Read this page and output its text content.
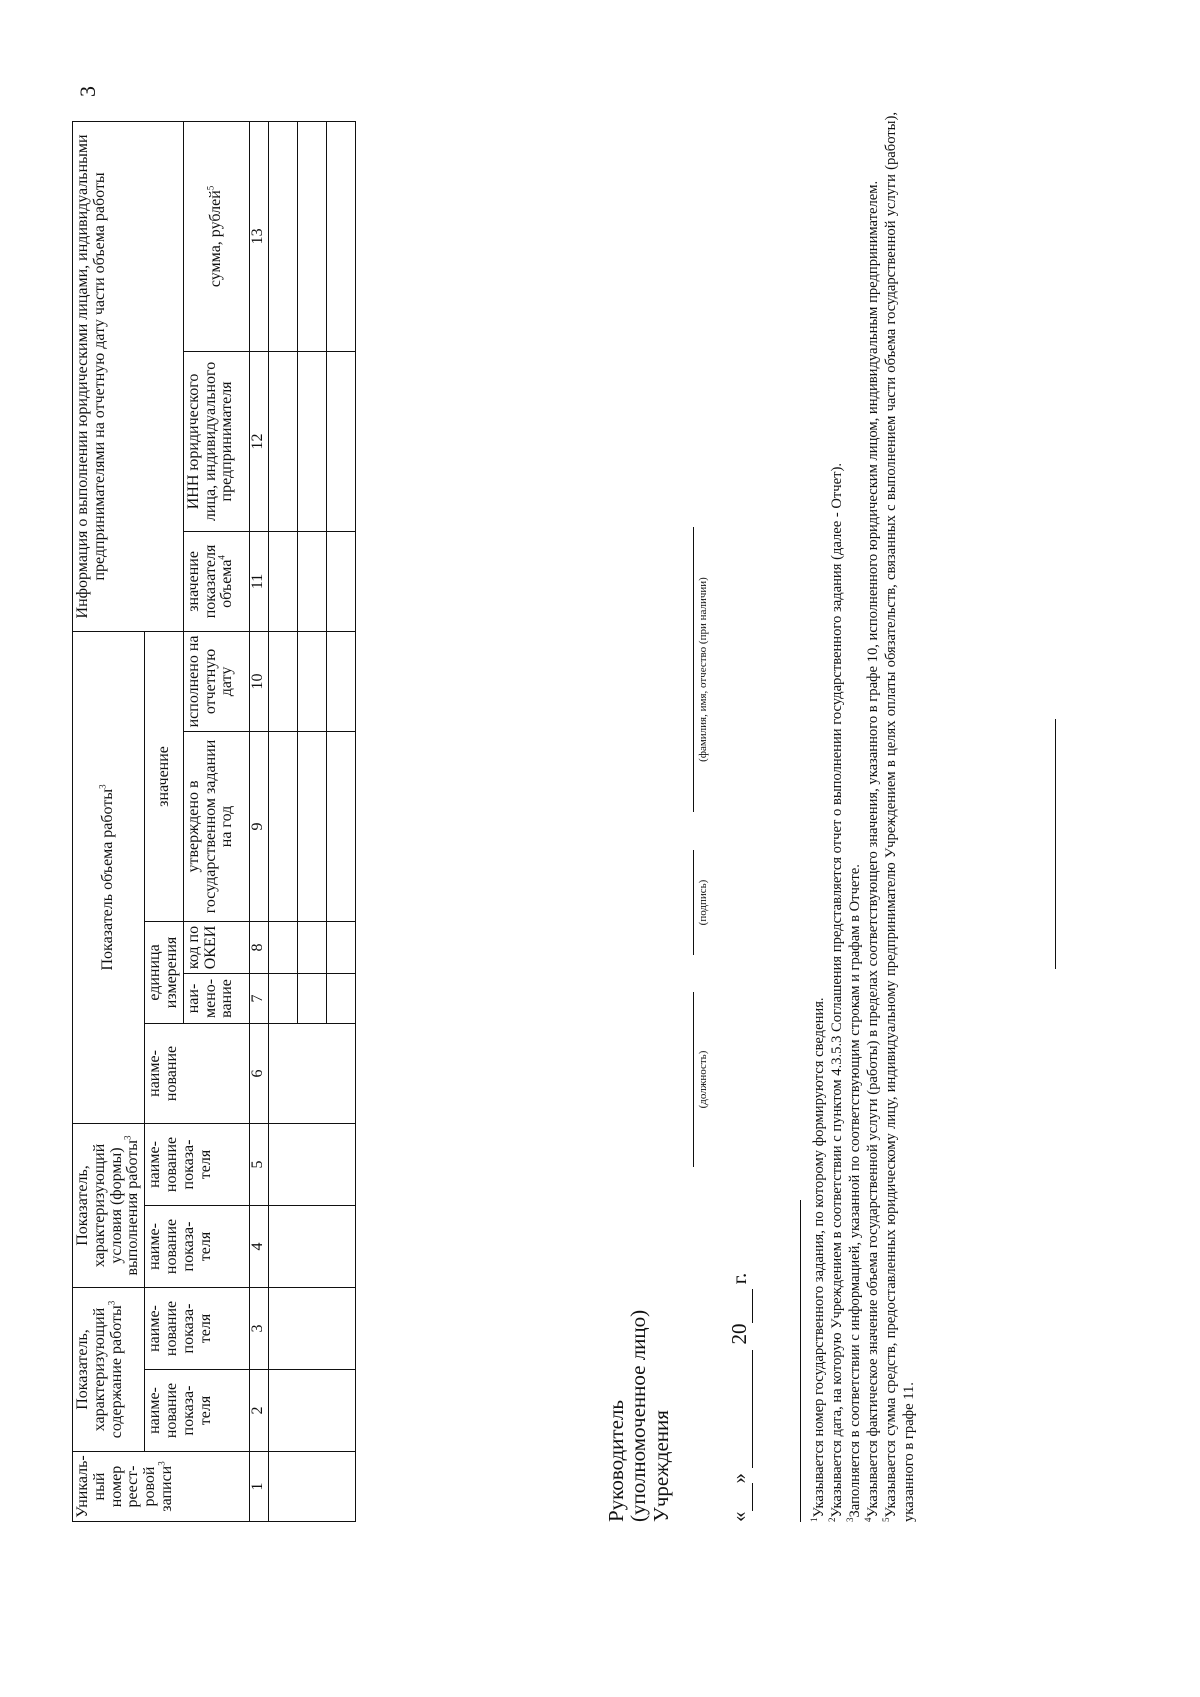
3
Уникаль-ный номер реест-ровой записи$^3$	Показатель, характеризующий содержание работы$^3$		Показатель, характеризующий условия (формы) выполнения работы$^3$		Показатель объема работы$^3$					Информация о выполнении юридическими лицами, индивидуальными предпринимателями на отчетную дату части объема работы		
	наиме-нование показа-теля	наиме-нование показа-теля	наиме-нование показа-теля	наиме-нование показа-теля	наиме-нование	единица измерения		значение				
						наи-мено-вание	код по ОКЕИ	утверждено в государственном задании на год	исполнено на отчетную дату	значение показателя объема$^4$	ИНН юридического лица, индивидуального предпринимателя	сумма, рублей$^5$
1	2	3	4	5	6	7	8	9	10	11	12	13

Руководитель
(уполномоченное лицо)
Учреждения
(должность)
(подпись)
(фамилия, имя, отчество (при наличии)
« »   20  г.

$^1$Указывается номер государственного задания, по которому формируются сведения.

$^2$Указывается дата, на которую Учреждением в соответствии с пунктом 4.3.5.3 Соглашения представляется отчет о выполнении государственного задания (далее - Отчет).

$^3$Заполняется в соответствии с информацией, указанной по соответствующим строкам и графам в Отчете.

$^4$Указывается фактическое значение объема государственной услуги (работы) в пределах соответствующего значения, указанного в графе 10, исполненного юридическим лицом, индивидуальным предпринимателем.

$^5$Указывается сумма средств, предоставленных юридическому лицу, индивидуальному предпринимателю Учреждением в целях оплаты обязательств, связанных с выполнением части объема государственной услуги (работы), указанного в графе 11.
